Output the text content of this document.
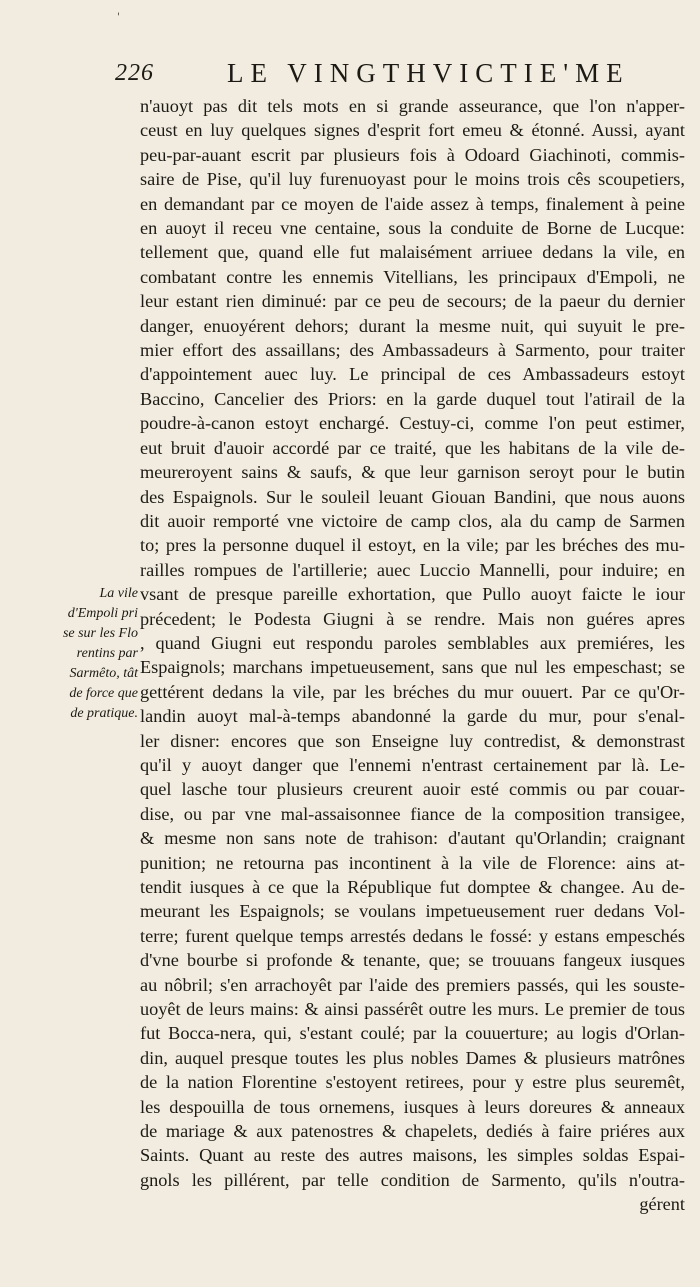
'
226	LE VINGTHVICTIE'ME
n'auoyt pas dit tels mots en si grande asseurance, que l'on n'apper-
ceust en luy quelques signes d'esprit fort emeu & étonné. Aussi, ayant
peu-par-auant escrit par plusieurs fois à Odoard Giachinoti, commis-
saire de Pise, qu'il luy furenuoyast pour le moins trois cês scoupetiers,
en demandant par ce moyen de l'aide assez à temps, finalement à peine
en auoyt il receu vne centaine, sous la conduite de Borne de Lucque:
tellement que, quand elle fut malaisément arriuee dedans la vile, en
combatant contre les ennemis Vitellians, les principaux d'Empoli, ne
leur estant rien diminué: par ce peu de secours; de la paeur du dernier
danger, enuoyérent dehors; durant la mesme nuit, qui suyuit le pre-
mier effort des assaillans; des Ambassadeurs à Sarmento, pour traiter
d'appointement auec luy. Le principal de ces Ambassadeurs estoyt
Baccino, Cancelier des Priors: en la garde duquel tout l'atirail de la
poudre-à-canon estoyt enchargé. Cestuy-ci, comme l'on peut estimer,
eut bruit d'auoir accordé par ce traité, que les habitans de la vile de-
meureroyent sains & saufs, & que leur garnison seroyt pour le butin
des Espaignols. Sur le souleil leuant Giouan Bandini, que nous auons
dit auoir remporté vne victoire de camp clos, ala du camp de Sarmen
to; pres la personne duquel il estoyt, en la vile; par les bréches des mu-
railles rompues de l'artillerie; auec Luccio Mannelli, pour induire; en
vsant de presque pareille exhortation, que Pullo auoyt faicte le iour
précedent; le Podesta Giugni à se rendre. Mais non guéres apres
, quand Giugni eut respondu paroles semblables aux premiéres, les
Espaignols; marchans impetueusement, sans que nul les empeschast; se
gettérent dedans la vile, par les bréches du mur ouuert. Par ce qu'Or-
landin auoyt mal-à-temps abandonné la garde du mur, pour s'enal-
ler disner: encores que son Enseigne luy contredist, & demonstrast
qu'il y auoyt danger que l'ennemi n'entrast certainement par là. Le-
quel lasche tour plusieurs creurent auoir esté commis ou par couar-
dise, ou par vne mal-assaisonnee fiance de la composition transigee,
& mesme non sans note de trahison: d'autant qu'Orlandin; craignant
punition; ne retourna pas incontinent à la vile de Florence: ains at-
tendit iusques à ce que la République fut domptee & changee. Au de-
meurant les Espaignols; se voulans impetueusement ruer dedans Vol-
terre; furent quelque temps arrestés dedans le fossé: y estans empeschés
d'vne bourbe si profonde & tenante, que; se trouuans fangeux iusques
au nôbril; s'en arrachoyêt par l'aide des premiers passés, qui les souste-
uoyêt de leurs mains: & ainsi passérêt outre les murs. Le premier de tous
fut Bocca-nera, qui, s'estant coulé; par la couuerture; au logis d'Orlan-
din, auquel presque toutes les plus nobles Dames & plusieurs matrônes
de la nation Florentine s'estoyent retirees, pour y estre plus seuremêt,
les despouilla de tous ornemens, iusques à leurs doreures & anneaux
de mariage & aux patenostres & chapelets, dediés à faire priéres aux
Saints. Quant au reste des autres maisons, les simples soldas Espai-
gnols les pillérent, par telle condition de Sarmento, qu'ils n'outra-
gérent
La vile
d'Empoli pri
se sur les Flo
rentins par
Sarmêto, tât
de force que
de pratique.
